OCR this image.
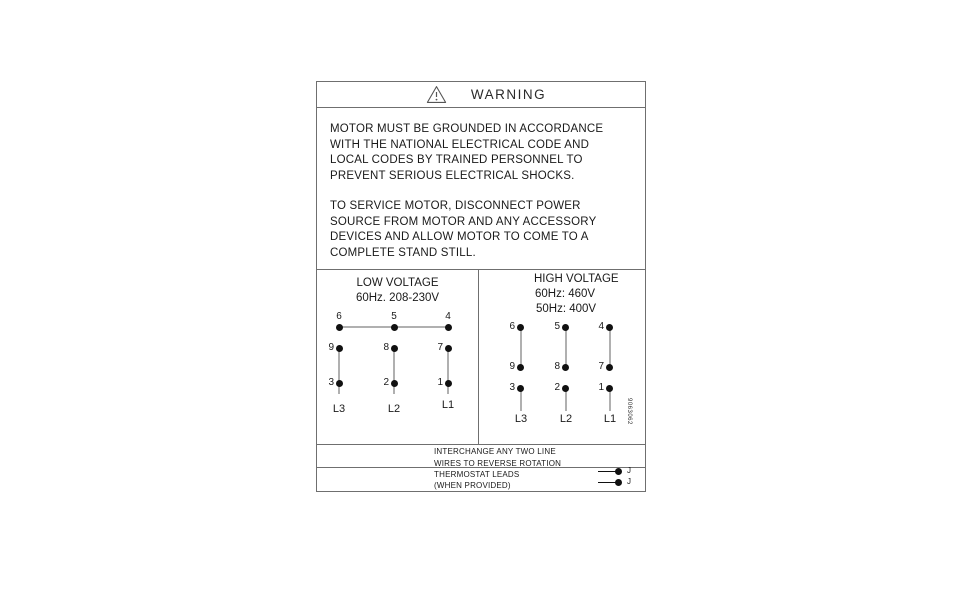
WARNING
MOTOR MUST BE GROUNDED IN ACCORDANCE
WITH THE NATIONAL ELECTRICAL CODE AND
LOCAL CODES BY TRAINED PERSONNEL TO
PREVENT SERIOUS ELECTRICAL SHOCKS.
TO SERVICE MOTOR, DISCONNECT POWER
SOURCE FROM MOTOR AND ANY ACCESSORY
DEVICES AND ALLOW MOTOR TO COME TO A
COMPLETE STAND STILL.
LOW VOLTAGE
60Hz. 208-230V
6	5	4
9	8	7
3	2	1
L3	L2	L1
HIGH VOLTAGE
60Hz: 460V
50Hz: 400V
6	5	4
9	8	7
3	2	1
L3	L2	L1	9063062
INTERCHANGE ANY TWO LINE
WIRES TO REVERSE ROTATION
THERMOSTAT LEADS
(WHEN PROVIDED)
J
J
